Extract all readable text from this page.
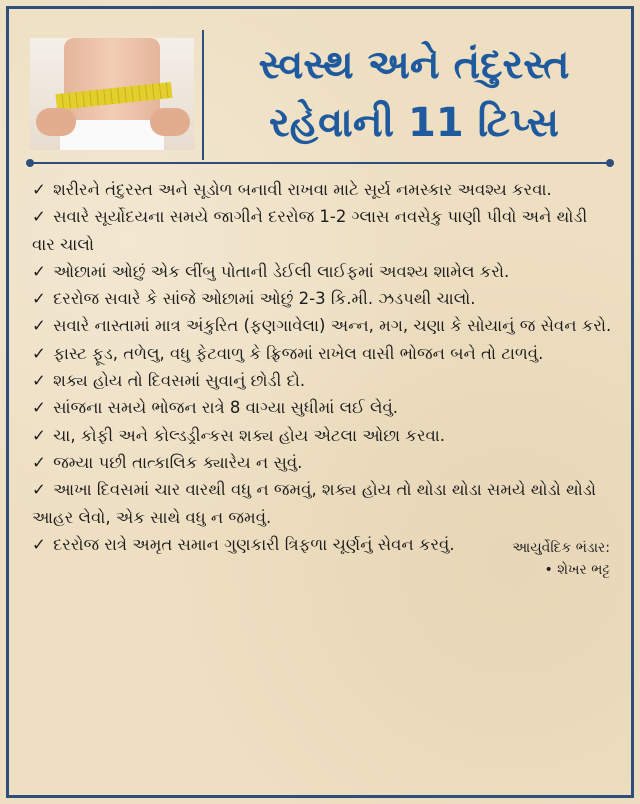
સ્વસ્થ અને તંદુરસ્ત
રહેવાની 11 ટિપ્સ

✓ શરીરને તંદુરસ્ત અને સૂડોળ બનાવી રાખવા માટે સૂર્ય નમસ્કાર અવશ્ય કરવા.

✓ સવારે સૂર્યોદયના સમયે જાગીને દરરોજ 1-2 ગ્લાસ નવસેકુ પાણી પીવો અને થોડી વાર ચાલો

✓ ઓછામાં ઓછું એક લીંબુ પોતાની ડેઈલી લાઈફમાં અવશ્ય શામેલ કરો.

✓ દરરોજ સવારે કે સાંજે ઓછામાં ઓછું 2-3 કિ.મી. ઝડપથી ચાલો.

✓ સવારે નાસ્તામાં માત્ર અંકુરિત (ફણગાવેલા) અન્ન, મગ, ચણા કે સોયાનું જ સેવન કરો.

✓ ફાસ્ટ ફૂડ, તળેલુ, વધુ ફેટવાળુ કે ફ્રિજમાં રાખેલ વાસી ભોજન બને તો ટાળવું.

✓ શક્ય હોય તો દિવસમાં સુવાનું છોડી દો.

✓ સાંજના સમયે ભોજન રાત્રે 8 વાગ્યા સુધીમાં લઈ લેવું.

✓ ચા, કોફી અને કોલ્ડડ્રીન્કસ શક્ય હોય એટલા ઓછા કરવા.

✓ જમ્યા પછી તાત્કાલિક ક્યારેય ન સુવું.

✓ આખા દિવસમાં ચાર વારથી વધુ ન જમવું, શક્ય હોય તો થોડા થોડા સમયે થોડો થોડો આહર લેવો, એક સાથે વધુ ન જમવું.

✓ દરરોજ રાત્રે અમૃત સમાન ગુણકારી ત્રિફળા ચૂર્ણનું સેવન કરવું.	આયુર્વેદિક ભંડાર:
• શેખર ભટ્ટ
